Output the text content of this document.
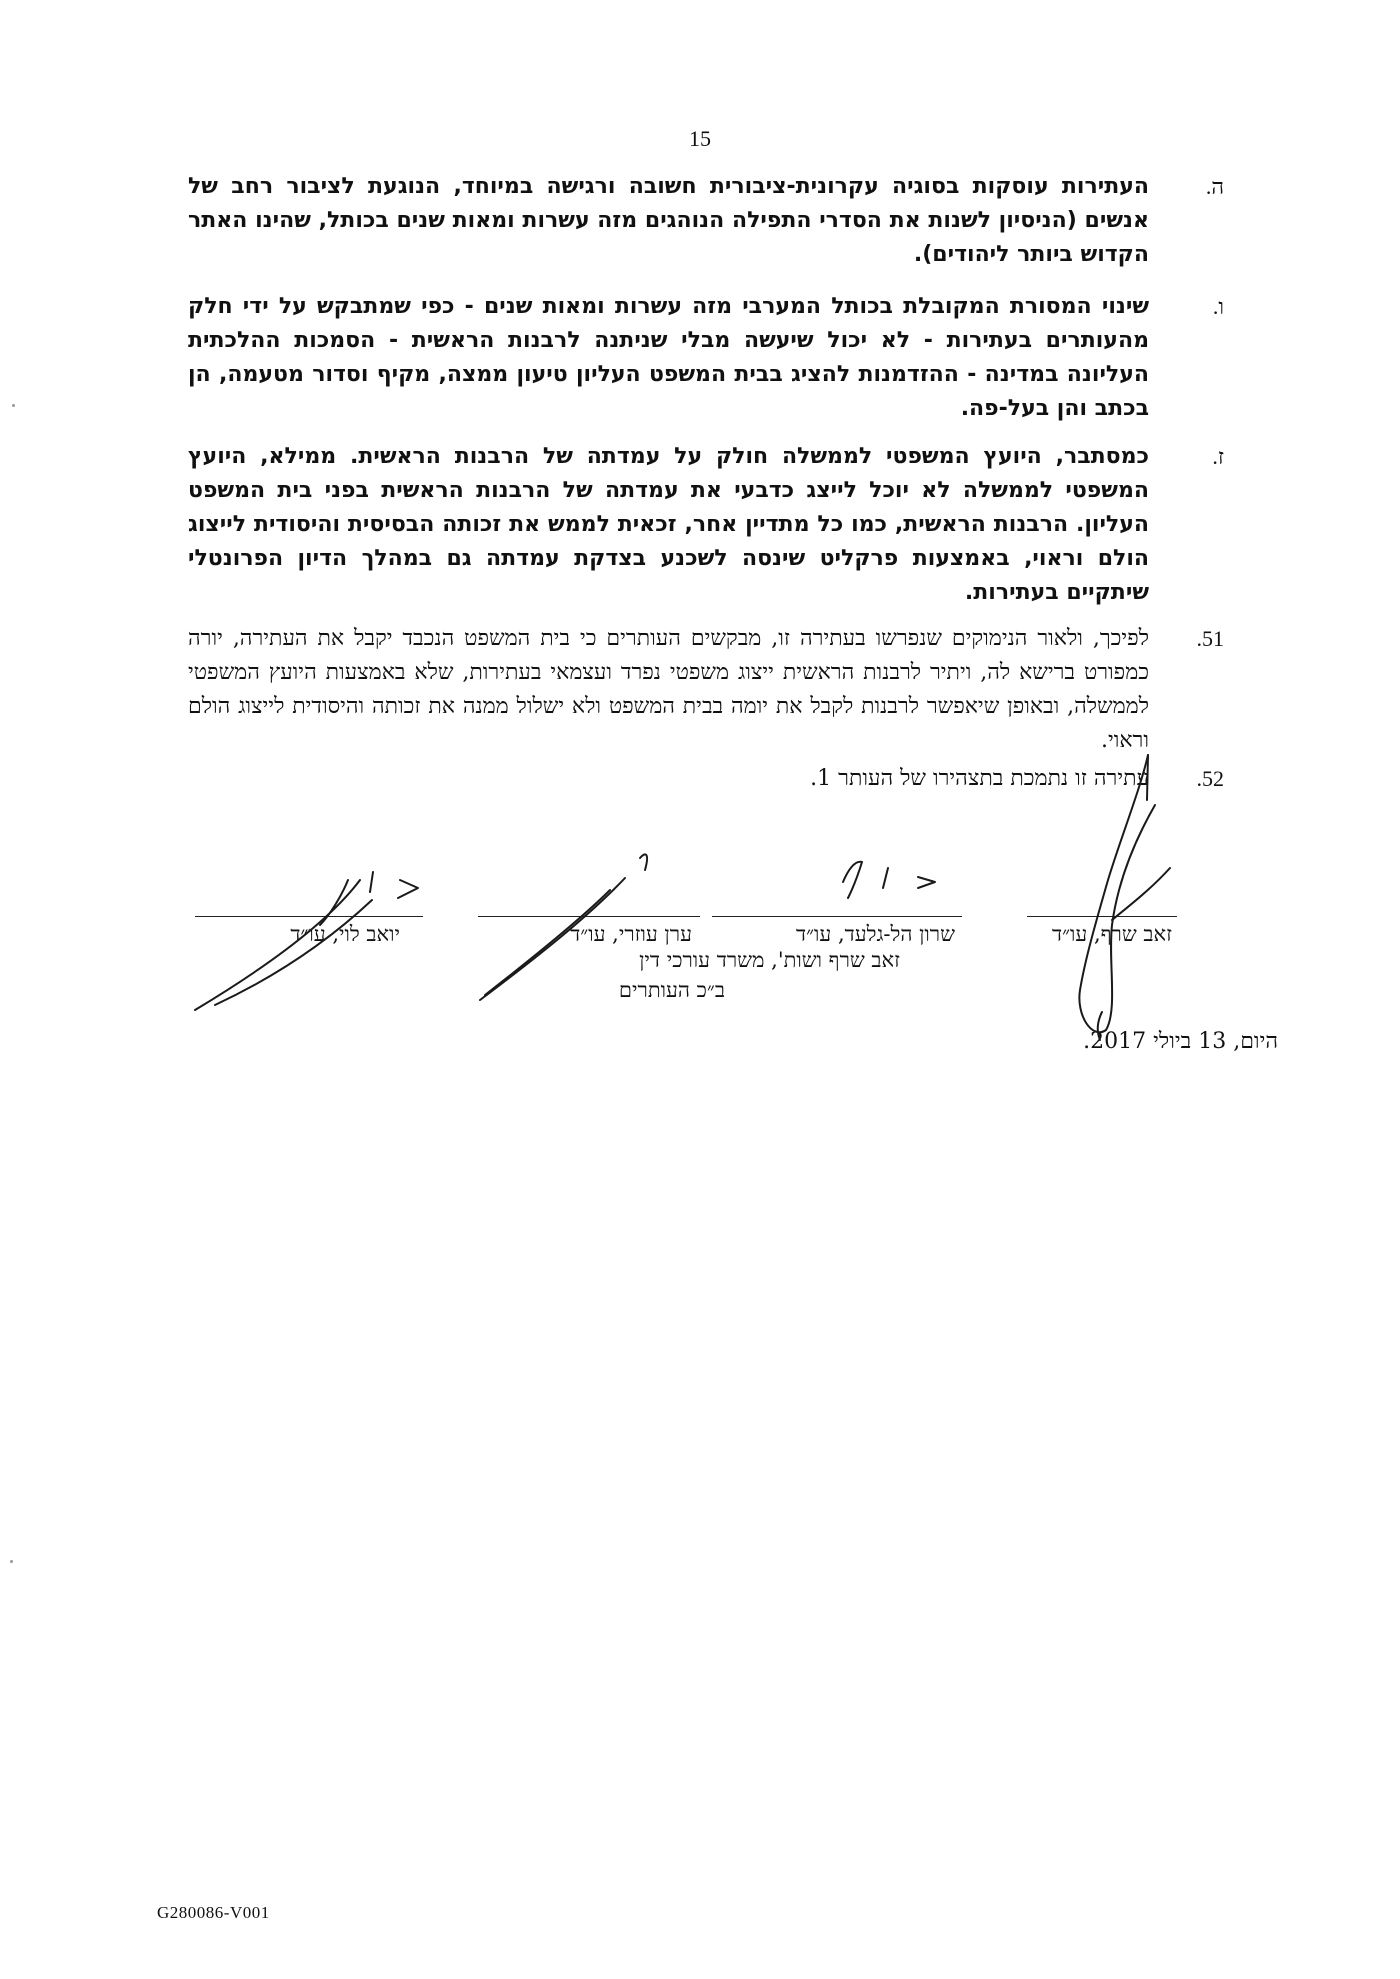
15
ה.
העתירות עוסקות בסוגיה עקרונית-ציבורית חשובה ורגישה במיוחד, הנוגעת לציבור רחב של אנשים (הניסיון לשנות את הסדרי התפילה הנוהגים מזה עשרות ומאות שנים בכותל, שהינו האתר הקדוש ביותר ליהודים).
ו.
שינוי המסורת המקובלת בכותל המערבי מזה עשרות ומאות שנים - כפי שמתבקש על ידי חלק מהעותרים בעתירות - לא יכול שיעשה מבלי שניתנה לרבנות הראשית - הסמכות ההלכתית העליונה במדינה - ההזדמנות להציג בבית המשפט העליון טיעון ממצה, מקיף וסדור מטעמה, הן בכתב והן בעל-פה.
ז.
כמסתבר, היועץ המשפטי לממשלה חולק על עמדתה של הרבנות הראשית. ממילא, היועץ המשפטי לממשלה לא יוכל לייצג כדבעי את עמדתה של הרבנות הראשית בפני בית המשפט העליון. הרבנות הראשית, כמו כל מתדיין אחר, זכאית לממש את זכותה הבסיסית והיסודית לייצוג הולם וראוי, באמצעות פרקליט שינסה לשכנע בצדקת עמדתה גם במהלך הדיון הפרונטלי שיתקיים בעתירות.
51.
לפיכך, ולאור הנימוקים שנפרשו בעתירה זו, מבקשים העותרים כי בית המשפט הנכבד יקבל את העתירה, יורה כמפורט ברישא לה, ויתיר לרבנות הראשית ייצוג משפטי נפרד ועצמאי בעתירות, שלא באמצעות היועץ המשפטי לממשלה, ובאופן שיאפשר לרבנות לקבל את יומה בבית המשפט ולא ישלול ממנה את זכותה והיסודית לייצוג הולם וראוי.
52.
עתירה זו נתמכת בתצהירו של העותר 1.
זאב שרף, עו״ד
שרון הל-גלעד, עו״ד
ערן עוזרי, עו״ד
יואב לוי, עו״ד
זאב שרף ושות', משרד עורכי דין
ב״כ העותרים
היום, 13 ביולי 2017.
G280086-V001
